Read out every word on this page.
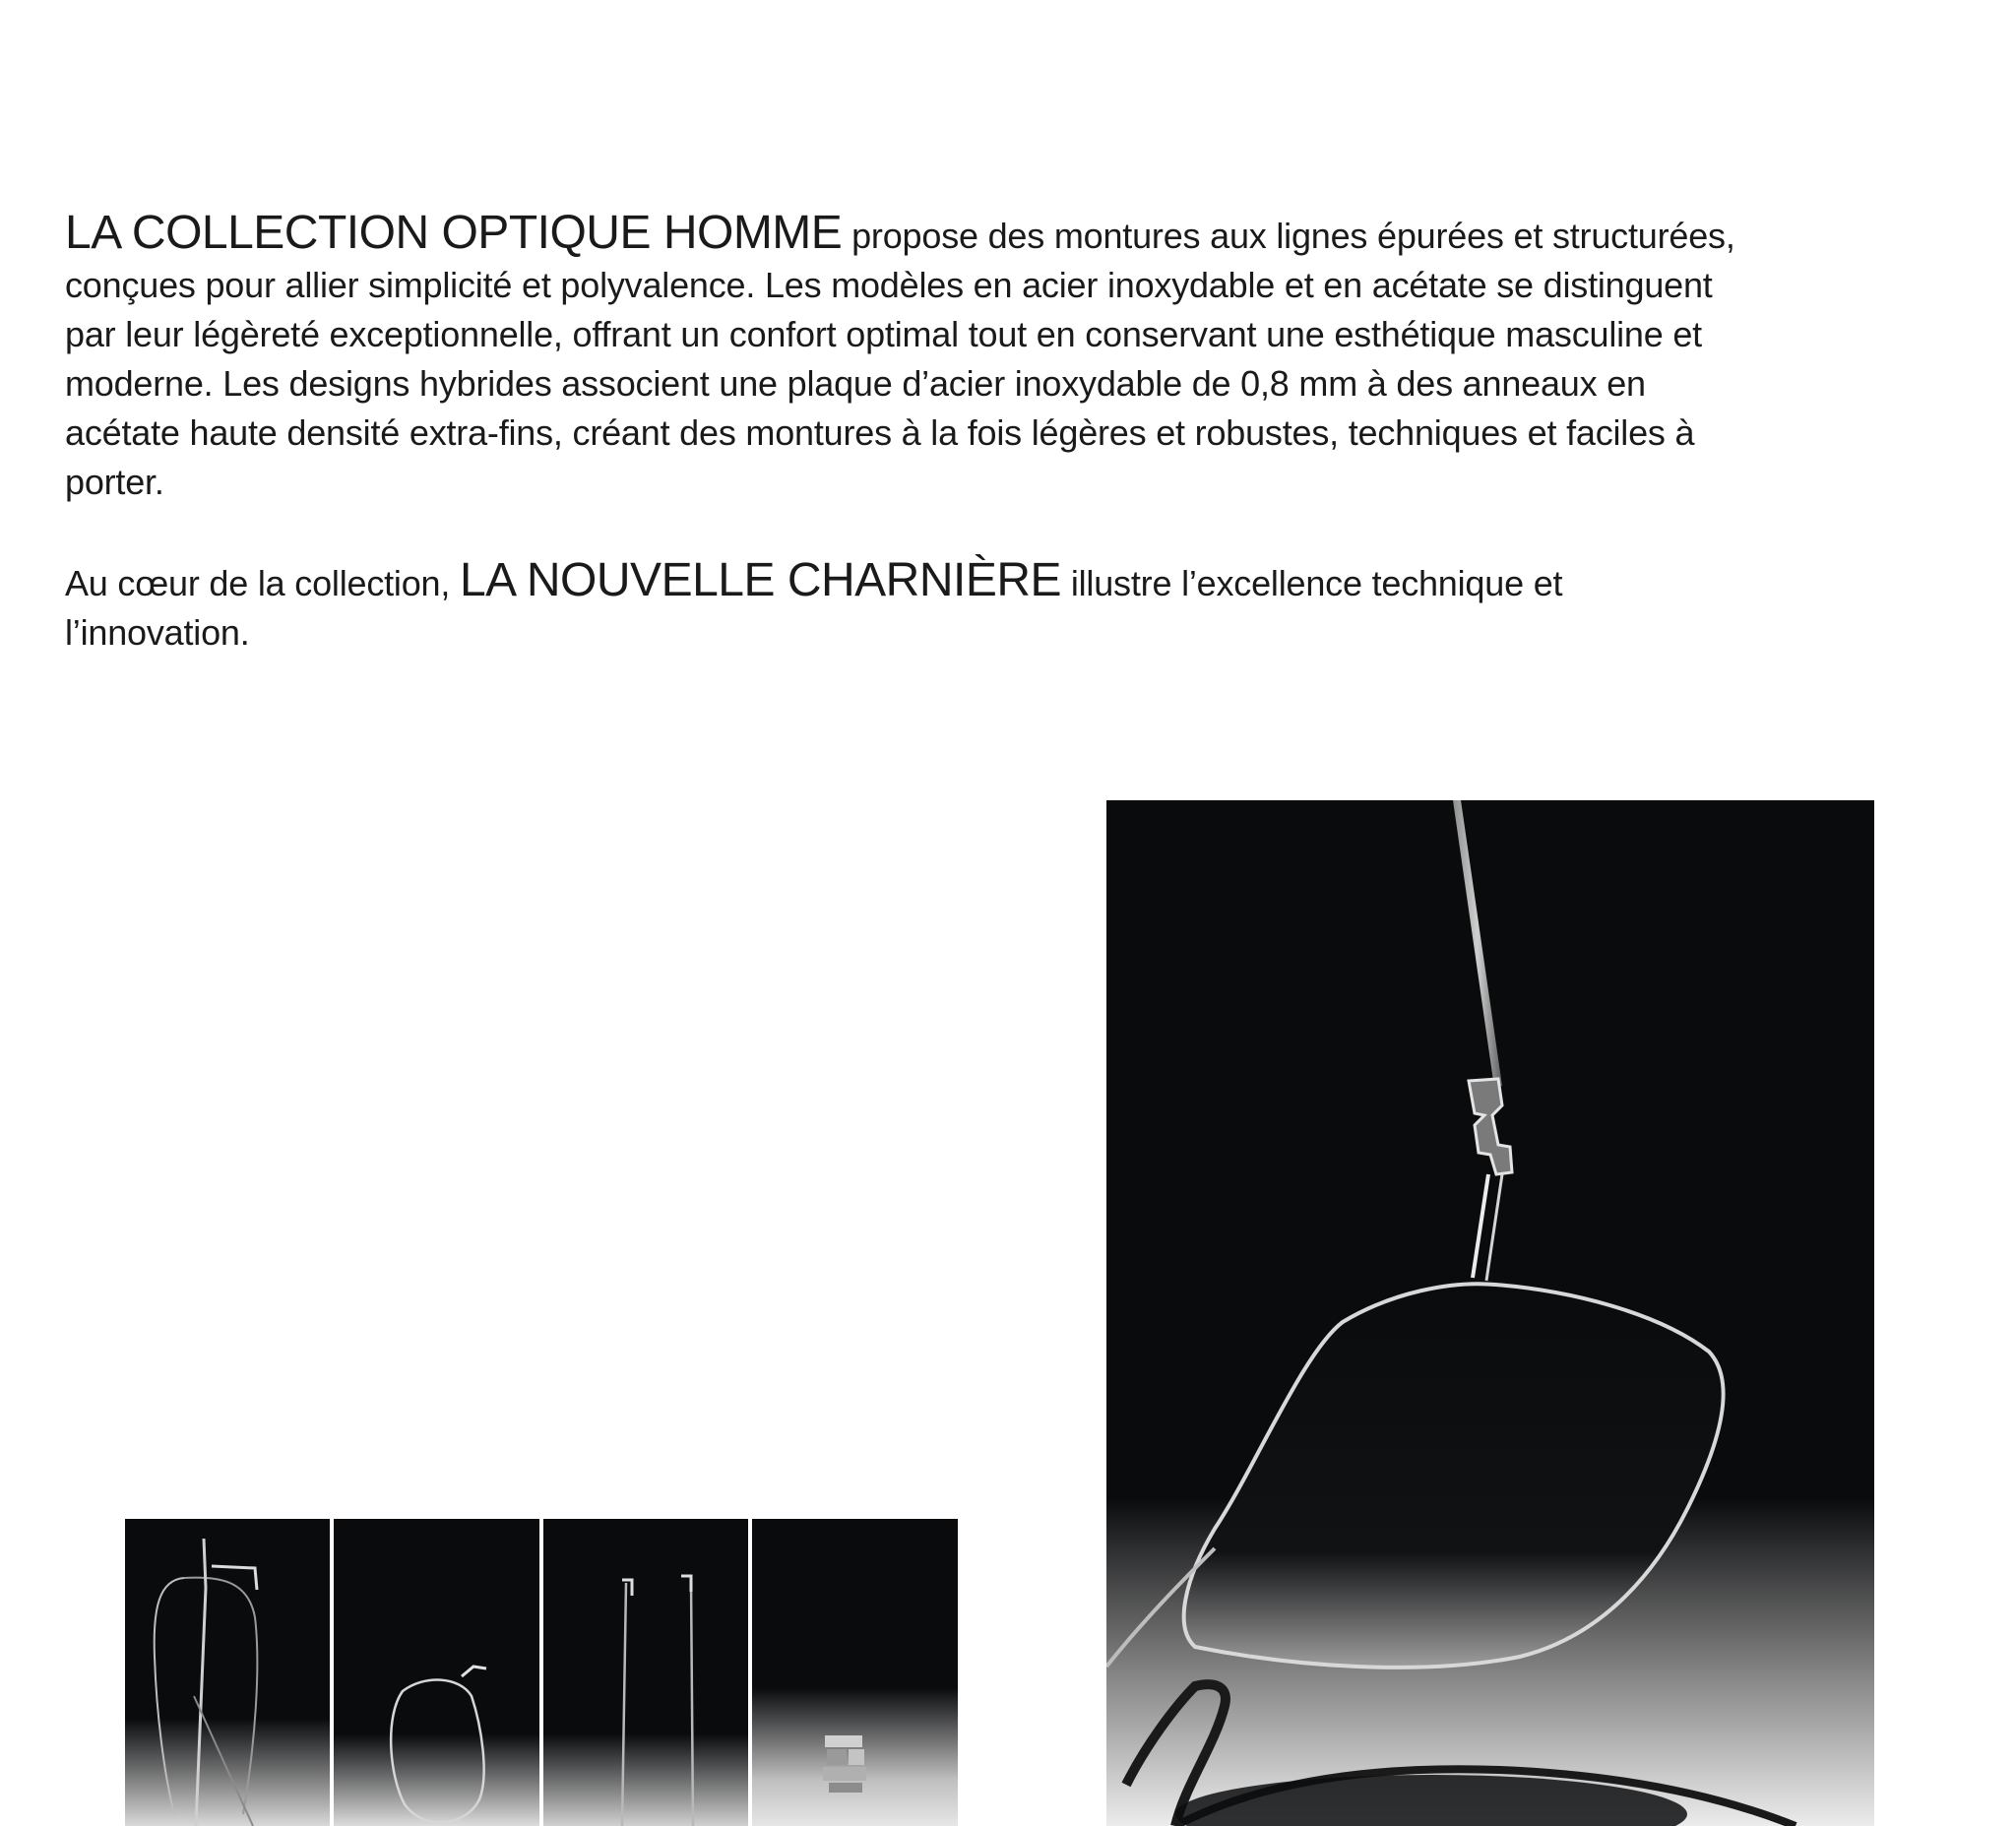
LA COLLECTION OPTIQUE HOMME propose des montures aux lignes épurées et structurées, conçues pour allier simplicité et polyvalence. Les modèles en acier inoxydable et en acétate se distinguent par leur légèreté exceptionnelle, offrant un confort optimal tout en conservant une esthétique masculine et moderne. Les designs hybrides associent une plaque d’acier inoxydable de 0,8 mm à des anneaux en acétate haute densité extra-fins, créant des montures à la fois légères et robustes, techniques et faciles à porter.

Au cœur de la collection, LA NOUVELLE CHARNIÈRE illustre l’excellence technique et l’innovation.
